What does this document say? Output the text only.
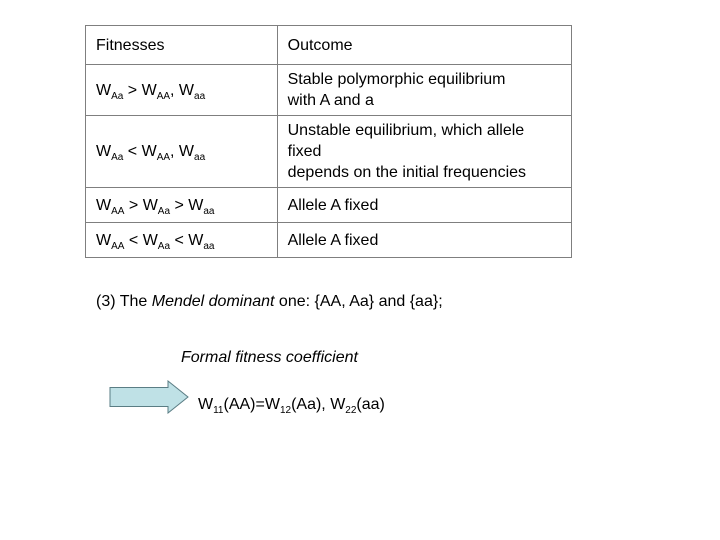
Fitnesses	Outcome
$W_{Aa} > W_{AA}$, $W_{aa}$	Stable polymorphic equilibrium
with A and a

$W_{Aa} < W_{AA}$, $W_{aa}$	Unstable equilibrium, which allele
fixed
depends on the initial frequencies

$W_{AA} > W_{Aa} > W_{aa}$	Allele A fixed

$W_{AA} < W_{Aa} < W_{aa}$	Allele A fixed
(3) The Mendel dominant one: {AA, Aa} and {aa};
Formal fitness coefficient
$W_{11}(AA)=W_{12}(Aa)$, $W_{22}(aa)$
